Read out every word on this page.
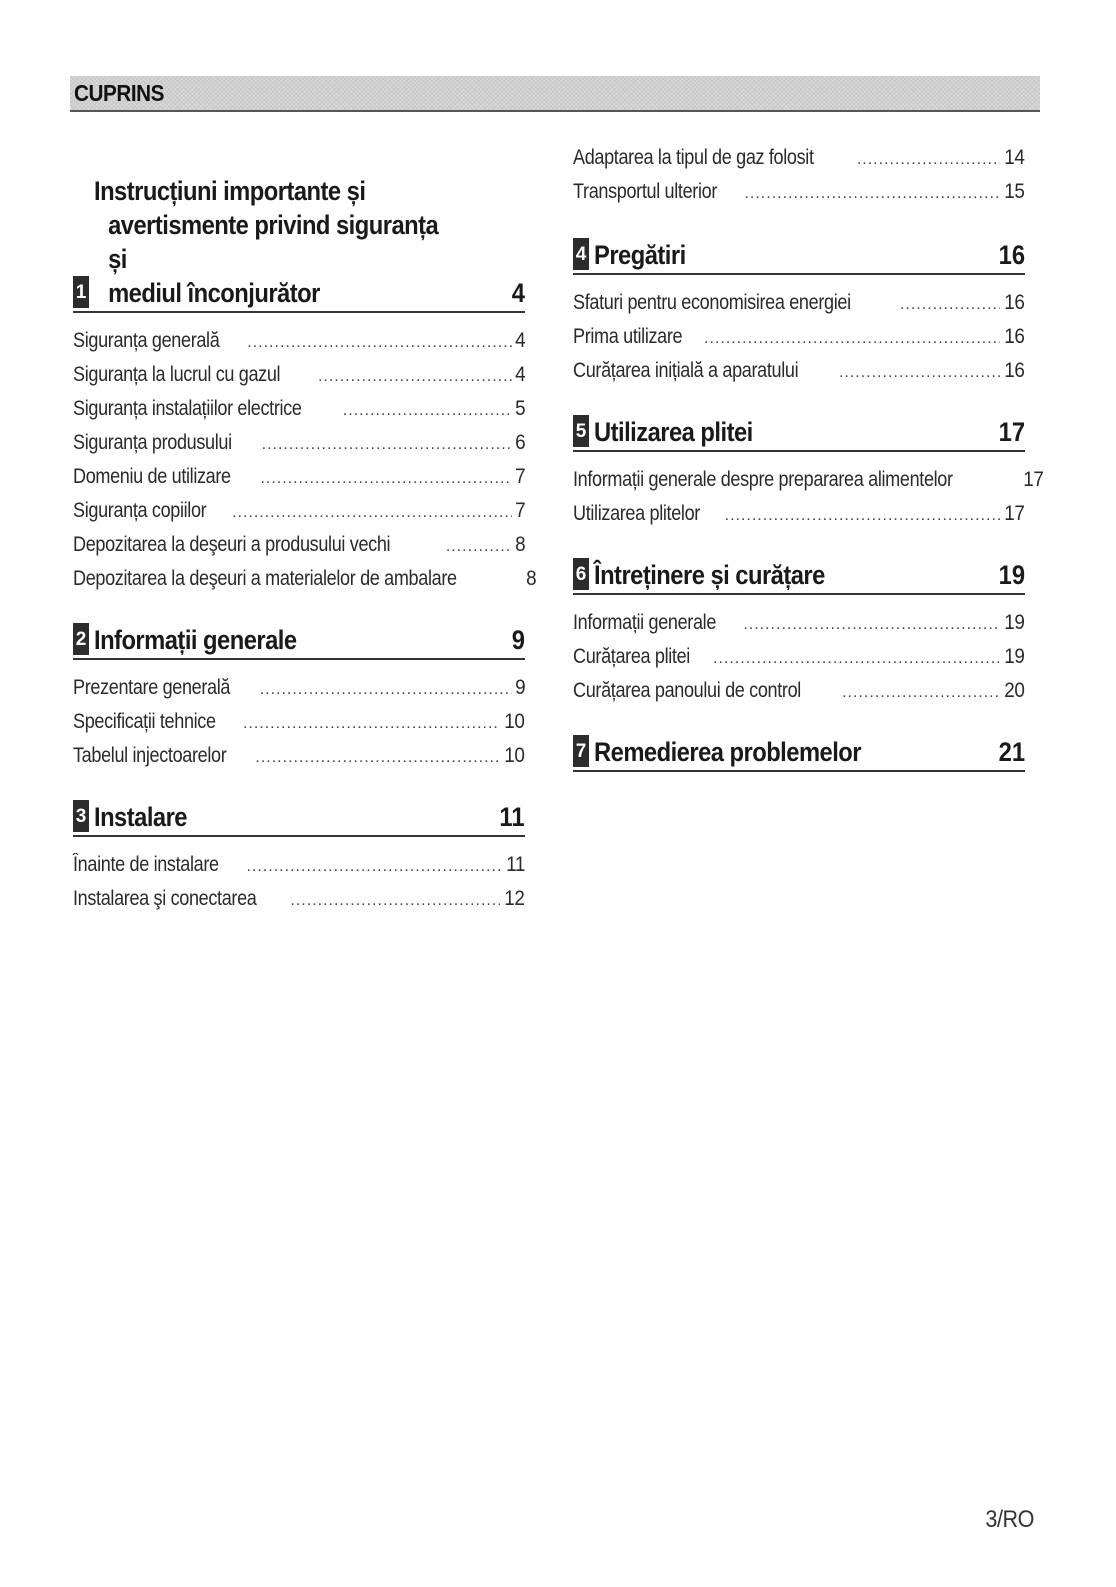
CUPRINS
1
Instrucțiuni importante și
avertismente privind siguranța și
mediul înconjurător	4
Siguranța generală .....	4
Siguranța la lucrul cu gazul .....	4
Siguranța instalațiilor electrice .....	5
Siguranța produsului .....	6
Domeniu de utilizare .....	7
Siguranța copiilor .....	7
Depozitarea la deşeuri a produsului vechi .....	8
Depozitarea la deşeuri a materialelor de ambalare	8
2 Informații generale	9
Prezentare generală .....	9
Specificații tehnice .....	10
Tabelul injectoarelor .....	10
3 Instalare	11
Înainte de instalare .....	11
Instalarea şi conectarea .....	12
Adaptarea la tipul de gaz folosit .....	14
Transportul ulterior .....	15
4 Pregătiri	16
Sfaturi pentru economisirea energiei .....	16
Prima utilizare .....	16
Curățarea inițială a aparatului .....	16
5 Utilizarea plitei	17
Informații generale despre prepararea alimentelor	17
Utilizarea plitelor .....	17
6 Întreținere și curățare	19
Informații generale .....	19
Curățarea plitei .....	19
Curățarea panoului de control .....	20
7 Remedierea problemelor	21
3/RO
